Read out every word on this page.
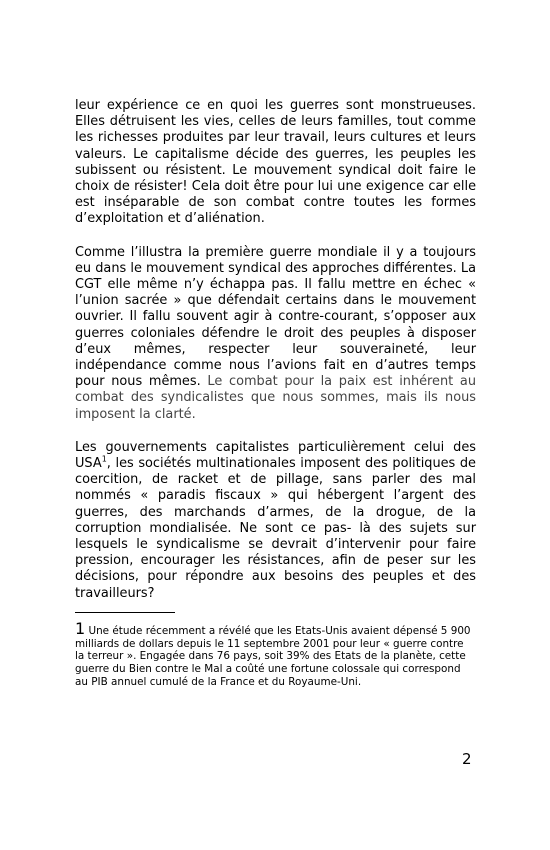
leur expérience ce en quoi les guerres sont monstrueuses. Elles détruisent les vies, celles de leurs familles, tout comme les richesses produites par leur travail, leurs cultures et leurs valeurs. Le capitalisme décide des guerres, les peuples les subissent ou résistent. Le mouvement syndical doit faire le choix de résister! Cela doit être pour lui une exigence car elle est inséparable de son combat contre toutes les formes d’exploitation et d’aliénation.

Comme l’illustra la première guerre mondiale il y a toujours eu dans le mouvement syndical des approches différentes. La CGT elle même n’y échappa pas. Il fallu mettre en échec « l’union sacrée » que défendait certains dans le mouvement ouvrier. Il fallu souvent agir à contre-courant, s’opposer aux guerres coloniales défendre le droit des peuples à disposer d’eux mêmes, respecter leur souveraineté, leur indépendance comme nous l’avions fait en d’autres temps pour nous mêmes. Le combat pour la paix est inhérent au combat des syndicalistes que nous sommes, mais ils nous imposent la clarté.

Les gouvernements capitalistes particulièrement celui des USA$^1$, les sociétés multinationales imposent des politiques de coercition, de racket et de pillage, sans parler des mal nommés « paradis fiscaux » qui hébergent l’argent des guerres, des marchands d’armes, de la drogue, de la corruption mondialisée. Ne sont ce pas- là des sujets sur lesquels le syndicalisme se devrait d’intervenir pour faire pression, encourager les résistances, afin de peser sur les décisions, pour répondre aux besoins des peuples et des travailleurs?

1 Une étude récemment a révélé que les Etats-Unis avaient dépensé 5 900 milliards de dollars depuis le 11 septembre 2001 pour leur « guerre contre la terreur ». Engagée dans 76 pays, soit 39% des Etats de la planète, cette guerre du Bien contre le Mal a coûté une fortune colossale qui correspond au PIB annuel cumulé de la France et du Royaume-Uni.

2
